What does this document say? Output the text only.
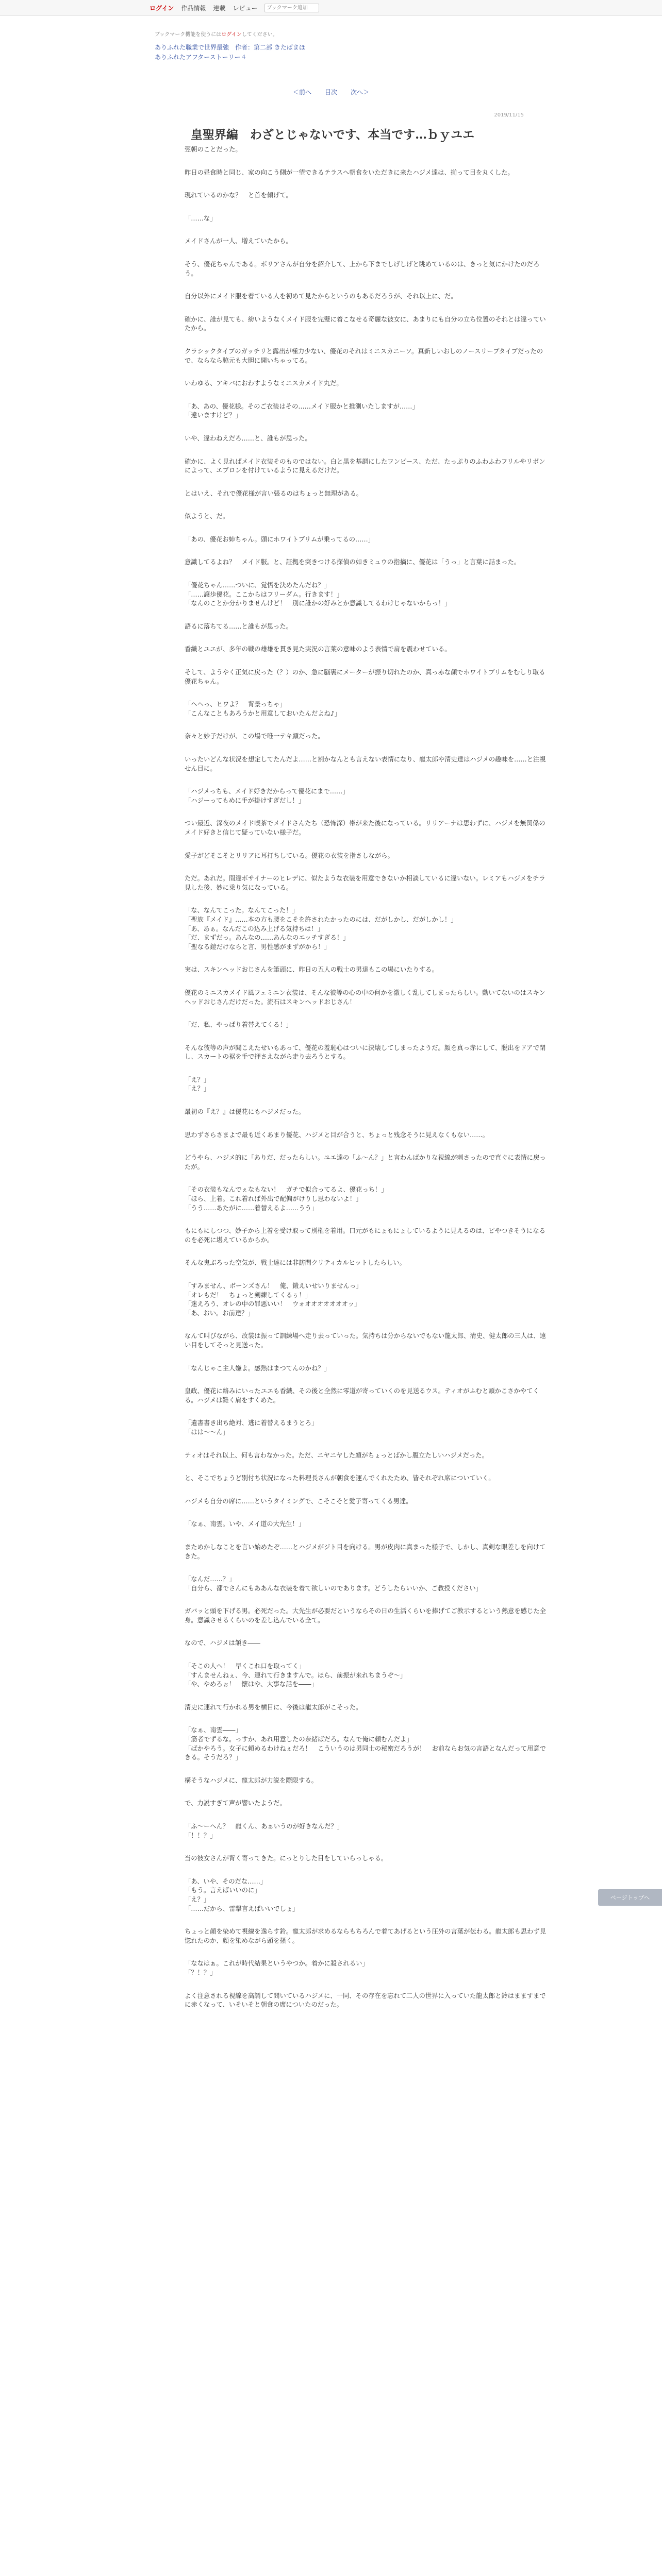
ログイン 作品情報 連載 レビュー	ブックマーク追加
ブックマーク機能を使うにはログインしてください。
ありふれた職業で世界最強　作者：第二部 きたばまほ
ありふれたアフターストーリー４
＜前へ 目次 次へ＞
2019/11/15
皇聖界編　わざとじゃないです、本当です…ｂｙユエ

翌朝のことだった。

昨日の昼食時と同じ、家の向こう側が一望できるテラスへ朝食をいただきに来たハジメ達は、揃って目を丸くした。

現れているのかな？　と首を傾げて。

「……な」

メイドさんが一人、増えていたから。

そう、優花ちゃんである。ポリアさんが自分を紹介して、上から下までしげしげと眺めているのは、きっと気にかけたのだろう。

自分以外にメイド服を着ている人を初めて見たからというのもあるだろうが、それ以上に、だ。

確かに、誰が見ても、紛いようなくメイド服を完璧に着こなせる奇麗な彼女に、あまりにも自分の立ち位置のそれとは違っていたから。

クラシックタイプのガッチリと露出が極力少ない、優花のそれはミニスカニーソ。真新しいおしのノースリーブタイプだったので、ならなら脇元も大胆に開いちゃってる。

いわゆる、アキバにおわすようなミニスカメイド丸だ。

「あ、あの、優花様。そのご衣装はその……メイド服かと推測いたしますが……」
「違いますけど？」

いや、違わねえだろ……と、誰もが思った。

確かに、よく見ればメイド衣装そのものではない。白と黒を基調にしたワンピース、ただ、たっぷりのふわふわフリルやリボンによって、エプロンを付けているように見えるだけだ。

とはいえ、それで優花様が言い張るのはちょっと無理がある。

似ようと、だ。

「あの、優花お姉ちゃん。頭にホワイトブリムが乗ってるの……」

意識してるよね？　メイド服。と、証拠を突きつける探偵の如きミュウの指摘に、優花は「うっ」と言葉に詰まった。

「優花ちゃん……ついに、覚悟を決めたんだね？」
「……譲歩優花。ここからはフリーダム。行きます！」
「なんのことか分かりませんけど！　別に誰かの好みとか意識してるわけじゃないからっ！」

語るに落ちてる……と誰もが思った。

香織とユエが、多年の戦の雄雄を貫き見た実況の言葉の意味のよう表情で肩を震わせている。

そして、ようやく正気に戻った（？）のか、急に脳裏にメーターが振り切れたのか、真っ赤な顔でホワイトブリムをむしり取る優花ちゃん。

「ヘヘっ、ヒワよ？　背景っちゃ」
「こんなこともあろうかと用意しておいたんだよね♪」

奈々と妙子だけが、この場で唯一テキ顔だった。

いったいどんな状況を想定してたんだよ……と割かなんとも言えない表情になり、龍太郎や清史達はハジメの趣味を……と注視せん目に。

「ハジメっちも、メイド好きだからって優花にまで……」
「ハジーってもめに手が掛けすぎだし！」

つい最近、深夜のメイド喫茶でメイドさんたち（恐怖深）帯が来た後になっている。リリアーナは思わずに、ハジメを無関係のメイド好きと信じて疑っていない様子だ。

愛子がどそこそとリリアに耳打ちしている。優花の衣装を指さしながら。

ただ。あれだ。間違ボサイナーのヒレデに、似たような衣装を用意できないか相談しているに違いない。レミアもハジメをチラ見した後、妙に乗り気になっている。

「な、なんてこった。なんてこった！」
「聖族『メイド』……本の方も腰をこそを許されたかったのには、だがしかし、だがしかし！」
「あ、あぁ。なんだこの込み上げる気持ちは！」
「だ、まずだっ。あんなの……あんなのエッチすぎる！」
「聖なる鎧だけならと言、男性感がまずがから！」

実は、スキンヘッドおじさんを筆頭に、昨日の五人の戦士の男達もこの場にいたりする。

優花のミニスカメイド風フェミニン衣装は、そんな彼等の心の中の何かを激しく乱してしまったらしい。動いてないのはスキンヘッドおじさんだけだった。流石はスキンヘッドおじさん！

「だ、私、やっぱり着替えてくる！」

そんな彼等の声が聞こえたせいもあって、優花の羞恥心はついに決壊してしまったようだ。顔を真っ赤にして、脱出をドアで閉し、スカートの裾を手で押さえながら走り去ろうとする。

「え？」
「え？」

最初の『え？』は優花にもハジメだった。

思わずさらさまよで最も近くあまり優花、ハジメと目が合うと、ちょっと残念そうに見えなくもない……。

どうやら、ハジメ的に「ありだ、だったらしい。ユエ達の「ふ～ん？」と言わんばかりな視線が刺さったので直ぐに表情に戻ったが。

「その衣装もなんでぇなもない！　ガチで似合ってるよ、優花っち！」
「ほら、上着。これ着れば外出で配偏がけりし思わないよ！」
「うう……あたがに……着替えるよ……うう」

もにもにしつつ、妙子から上着を受け取って別権を着用。口元がもにょもにょしているように見えるのは、ピやつきそうになるのを必死に堪えているからか。

そんな鬼ぶろった空気が、戦士達には非訪問クリティカルヒットしたらしい。

「すみません、ボーンズさん！　俺、鍛えいせいりませんっ」
「オレもだ！　ちょっと剣練してくるぅ！」
「迷えろう、オレの中の罪悪いい！　ウォオオオオオオオッ」
「あ、おい。お前達？」

なんて叫びながら、改装は振って訓練場へ走り去っていった。気持ちは分からないでもない龍太郎、清史、健太郎の三人は、遠い目をしてそっと見送った。

「なんじゃこ主人嫌よ。感熱はまつてんのかね？」

皇政、優花に絡みにいったユエも香織、その後と全然に零道が寄っていくのを見送るウス。ティオがふむと頭かこさかやてくる。ハジメは難く肩をすくめた。

「遺書書き出ち絶対、逃に着替えるまうとろ」
「はは〜〜ん」

ティオはそれ以上、何も言わなかった。ただ、ニヤニヤした顔がちょっとばかし腹立たしいハジメだった。

と、そこでちょうど別付ち状況になった料理長さんが朝食を運んでくれたため、皆それぞれ席についていく。

ハジメも自分の席に……というタイミングで、こそこそと愛子寄ってくる男達。

「なぁ、南雲。いや、メイ道の大先生！」

まためかしなことを言い始めたぞ……とハジメがジト目を向ける。男が皮肉に真まった様子で、しかし、真剣な眼差しを向けてきた。

「なんだ……？」
「自分ら、都でさんにもああんな衣装を着て欲しいのであります。どうしたらいいか、ご教授ください」

ガバッと頭を下げる男。必死だった。大先生が必要だというならその日の生活くらいを捧げてご教示するという熱意を感じた全身。意識させるくらいのを差し込んでいる全て。

なので、ハジメは頷き――

「そこの人へ！　早くこれ口を取ってく」
「すんませんねぇ、今、連れて行きますんで。ほら、前振が来れちまうぞ～」
「や、やめろぉ！　懐はや、大事な話を――」

清史に連れて行かれる男を横目に、今後は龍太郎がこそった。

「なぁ、南雲――」
「筋者でずるな。っすか、あれ用意したの奈緒ばだろ。なんで俺に頼むんだよ」
「ばかやろう。女子に頼めるわけねぇだろ！　こういうのは男同士の秘密だろうが！　お前ならお気の言語となんだって用意できる。そうだろ？」

構そうなハジメに、龍太郎が力説を際限する。

で、力説すぎて声が響いたようだ。

「ふ〜ーへん？　龍くん、あぁいうのが好きなんだ？」
「！！？」

当の彼女さんが背く寄ってきた。にっとりした目をしていらっしゃる。

「あ、いや、そのだな……」
「もう。言えばいいのに」
「え？」
「……だから、雷撃言えばいいでしょ」

ちょっと顔を染めて視線を逸らす鈴。龍太郎が求めるならもちろんで着てあげるという圧外の言葉が伝わる。龍太郎も思わず見惚れたのか、顔を染めながら頭を搔く。

「ななはぁ。これが時代結果というやつか。着かに殺されるい」
「？！？」

よく注意される視線を高調して問いているハジメに、一同、その存在を忘れて二人の世界に入っていた龍太郎と鈴はまますまでに赤くなって、いそいそと朝食の席についたのだった。

ページトップへ
